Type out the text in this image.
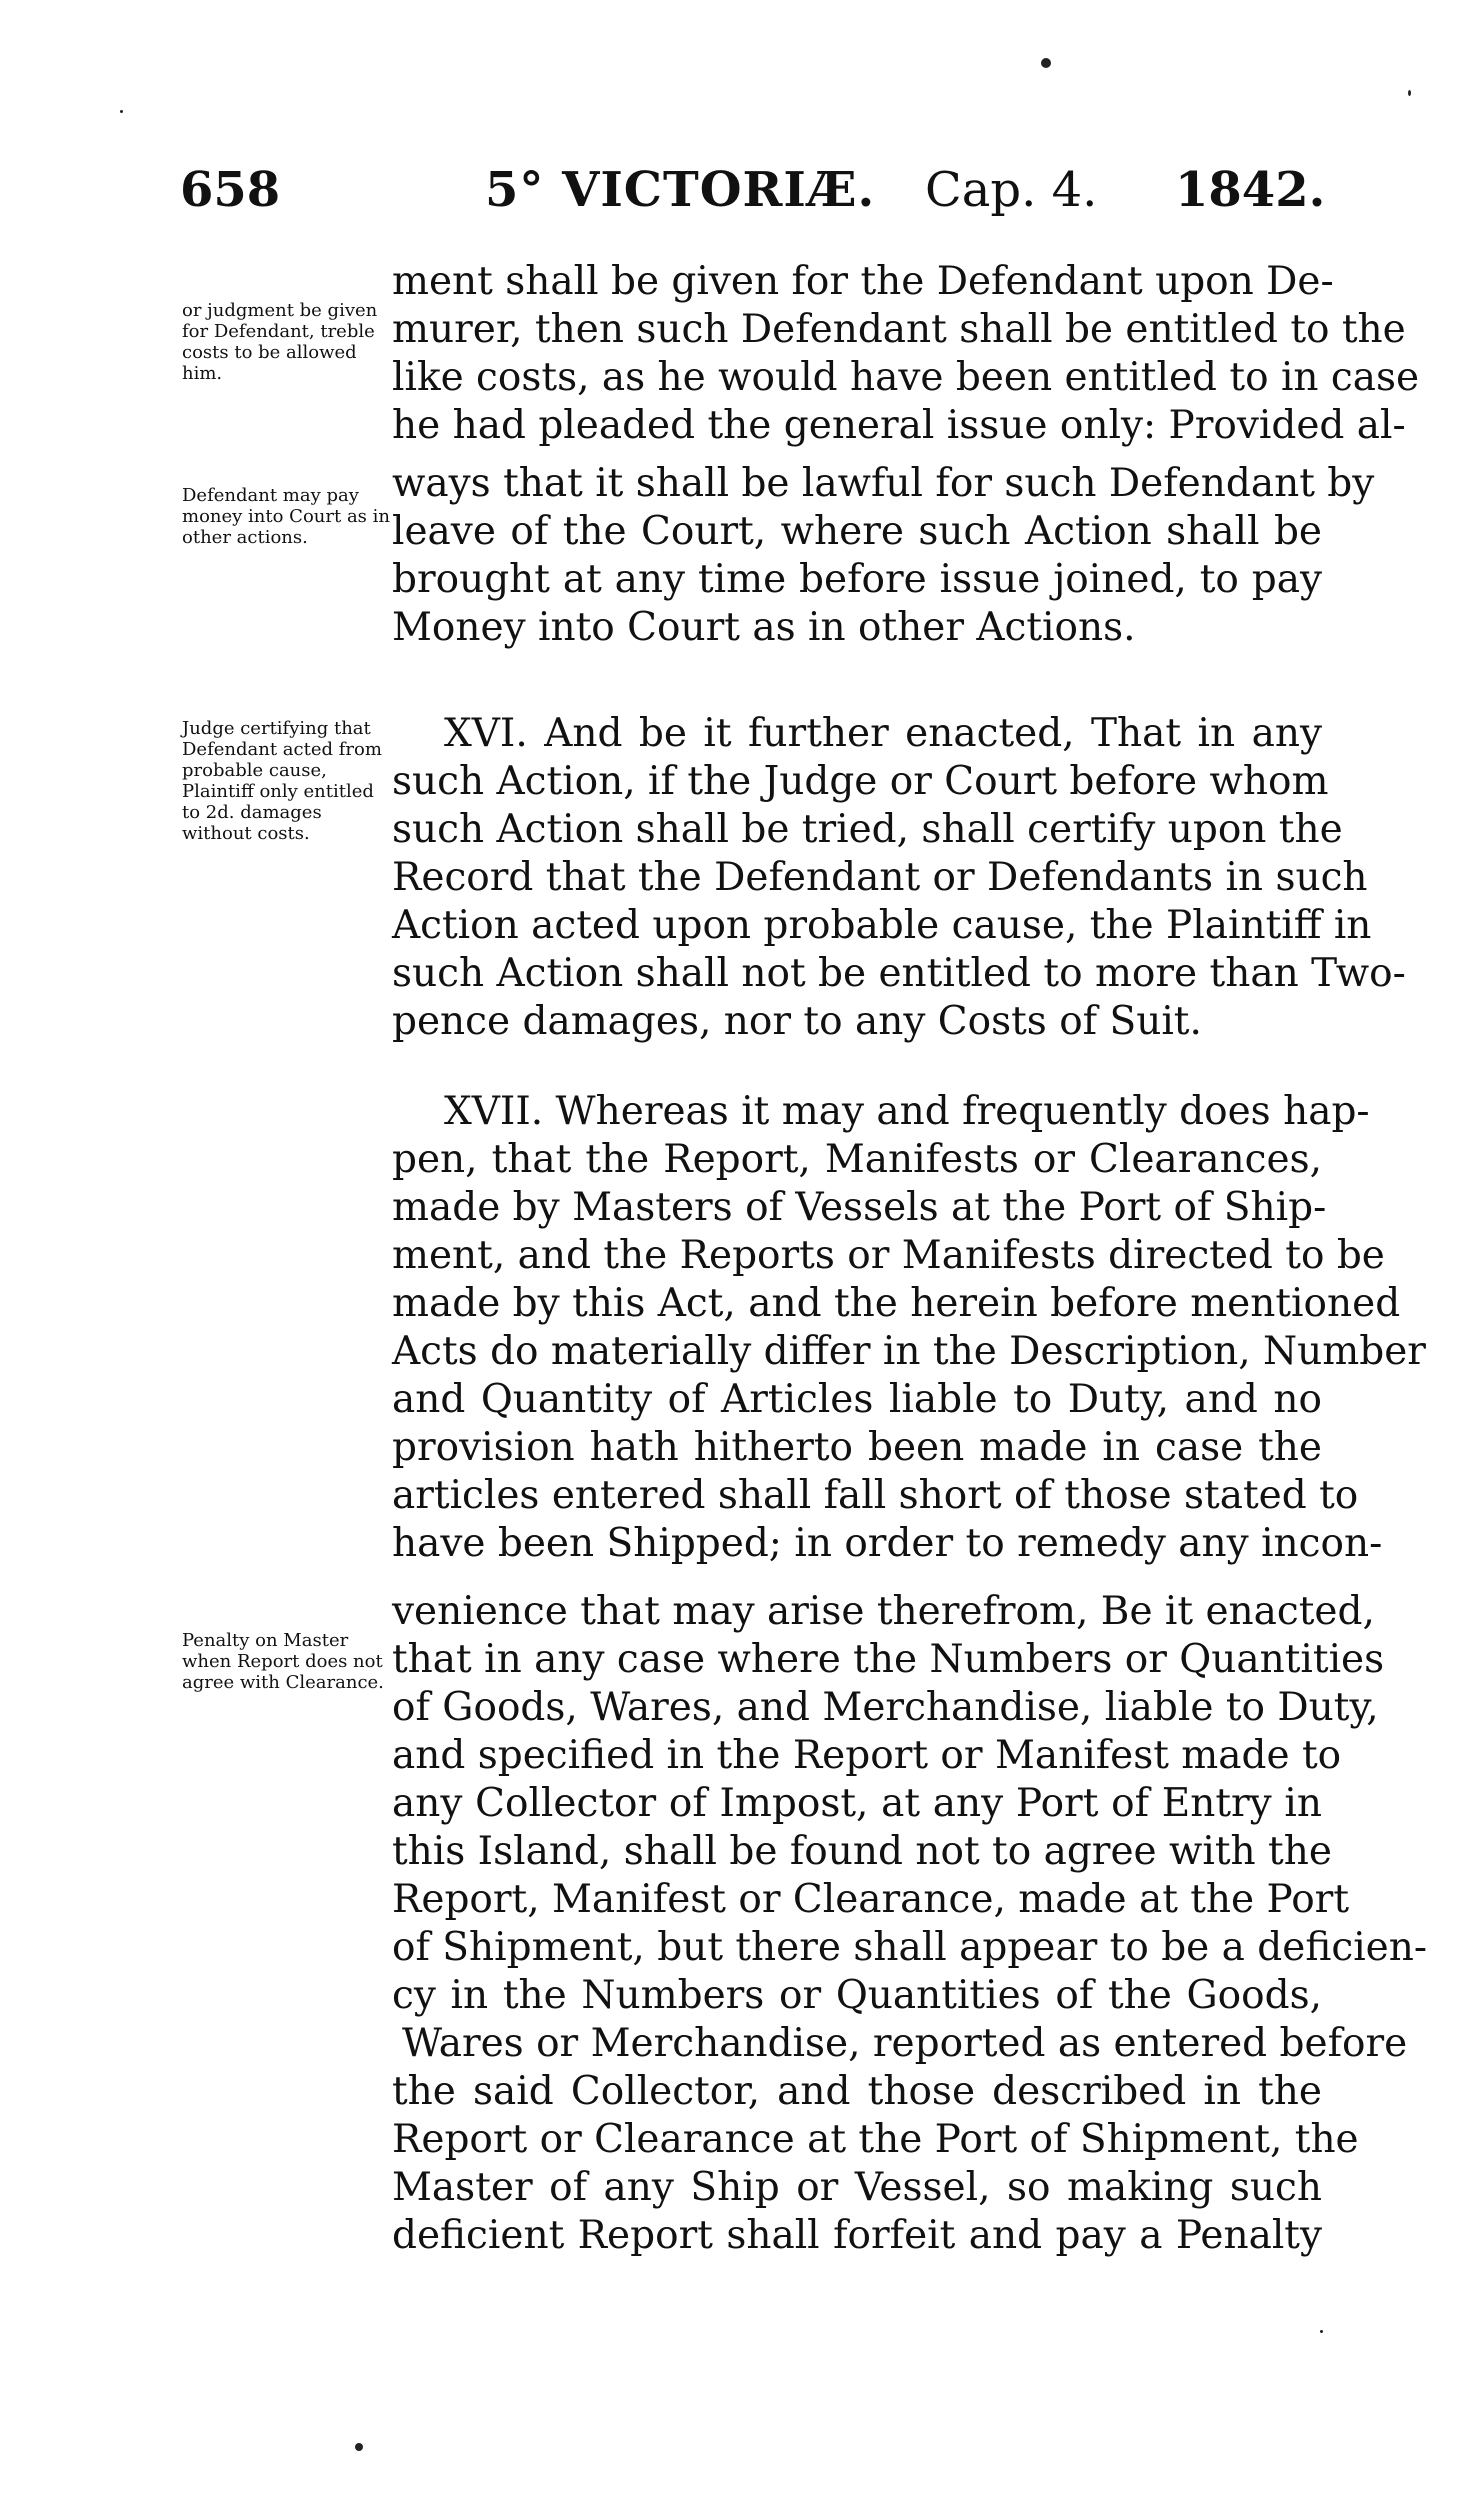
658	5° VICTORIÆ. Cap. 4. 1842.
or judgment be given for Defendant, treble costs to be allowed him.
Defendant may pay money into Court as in other actions.
Judge certifying that Defendant acted from probable cause, Plaintiff only entitled to 2d. damages without costs.
Penalty on Master when Report does not agree with Clearance.
ment shall be given for the Defendant upon De-
murer, then such Defendant shall be entitled to the
like costs, as he would have been entitled to in case
he had pleaded the general issue only: Provided al-
ways that it shall be lawful for such Defendant by
leave of the Court, where such Action shall be
brought at any time before issue joined, to pay
Money into Court as in other Actions.
XVI. And be it further enacted, That in any
such Action, if the Judge or Court before whom
such Action shall be tried, shall certify upon the
Record that the Defendant or Defendants in such
Action acted upon probable cause, the Plaintiff in
such Action shall not be entitled to more than Two-
pence damages, nor to any Costs of Suit.
XVII. Whereas it may and frequently does hap-
pen, that the Report, Manifests or Clearances,
made by Masters of Vessels at the Port of Ship-
ment, and the Reports or Manifests directed to be
made by this Act, and the herein before mentioned
Acts do materially differ in the Description, Number
and Quantity of Articles liable to Duty, and no
provision hath hitherto been made in case the
articles entered shall fall short of those stated to
have been Shipped; in order to remedy any incon-
venience that may arise therefrom, Be it enacted,
that in any case where the Numbers or Quantities
of Goods, Wares, and Merchandise, liable to Duty,
and specified in the Report or Manifest made to
any Collector of Impost, at any Port of Entry in
this Island, shall be found not to agree with the
Report, Manifest or Clearance, made at the Port
of Shipment, but there shall appear to be a deficien-
cy in the Numbers or Quantities of the Goods,
Wares or Merchandise, reported as entered before
the said Collector, and those described in the
Report or Clearance at the Port of Shipment, the
Master of any Ship or Vessel, so making such
deficient Report shall forfeit and pay a Penalty
